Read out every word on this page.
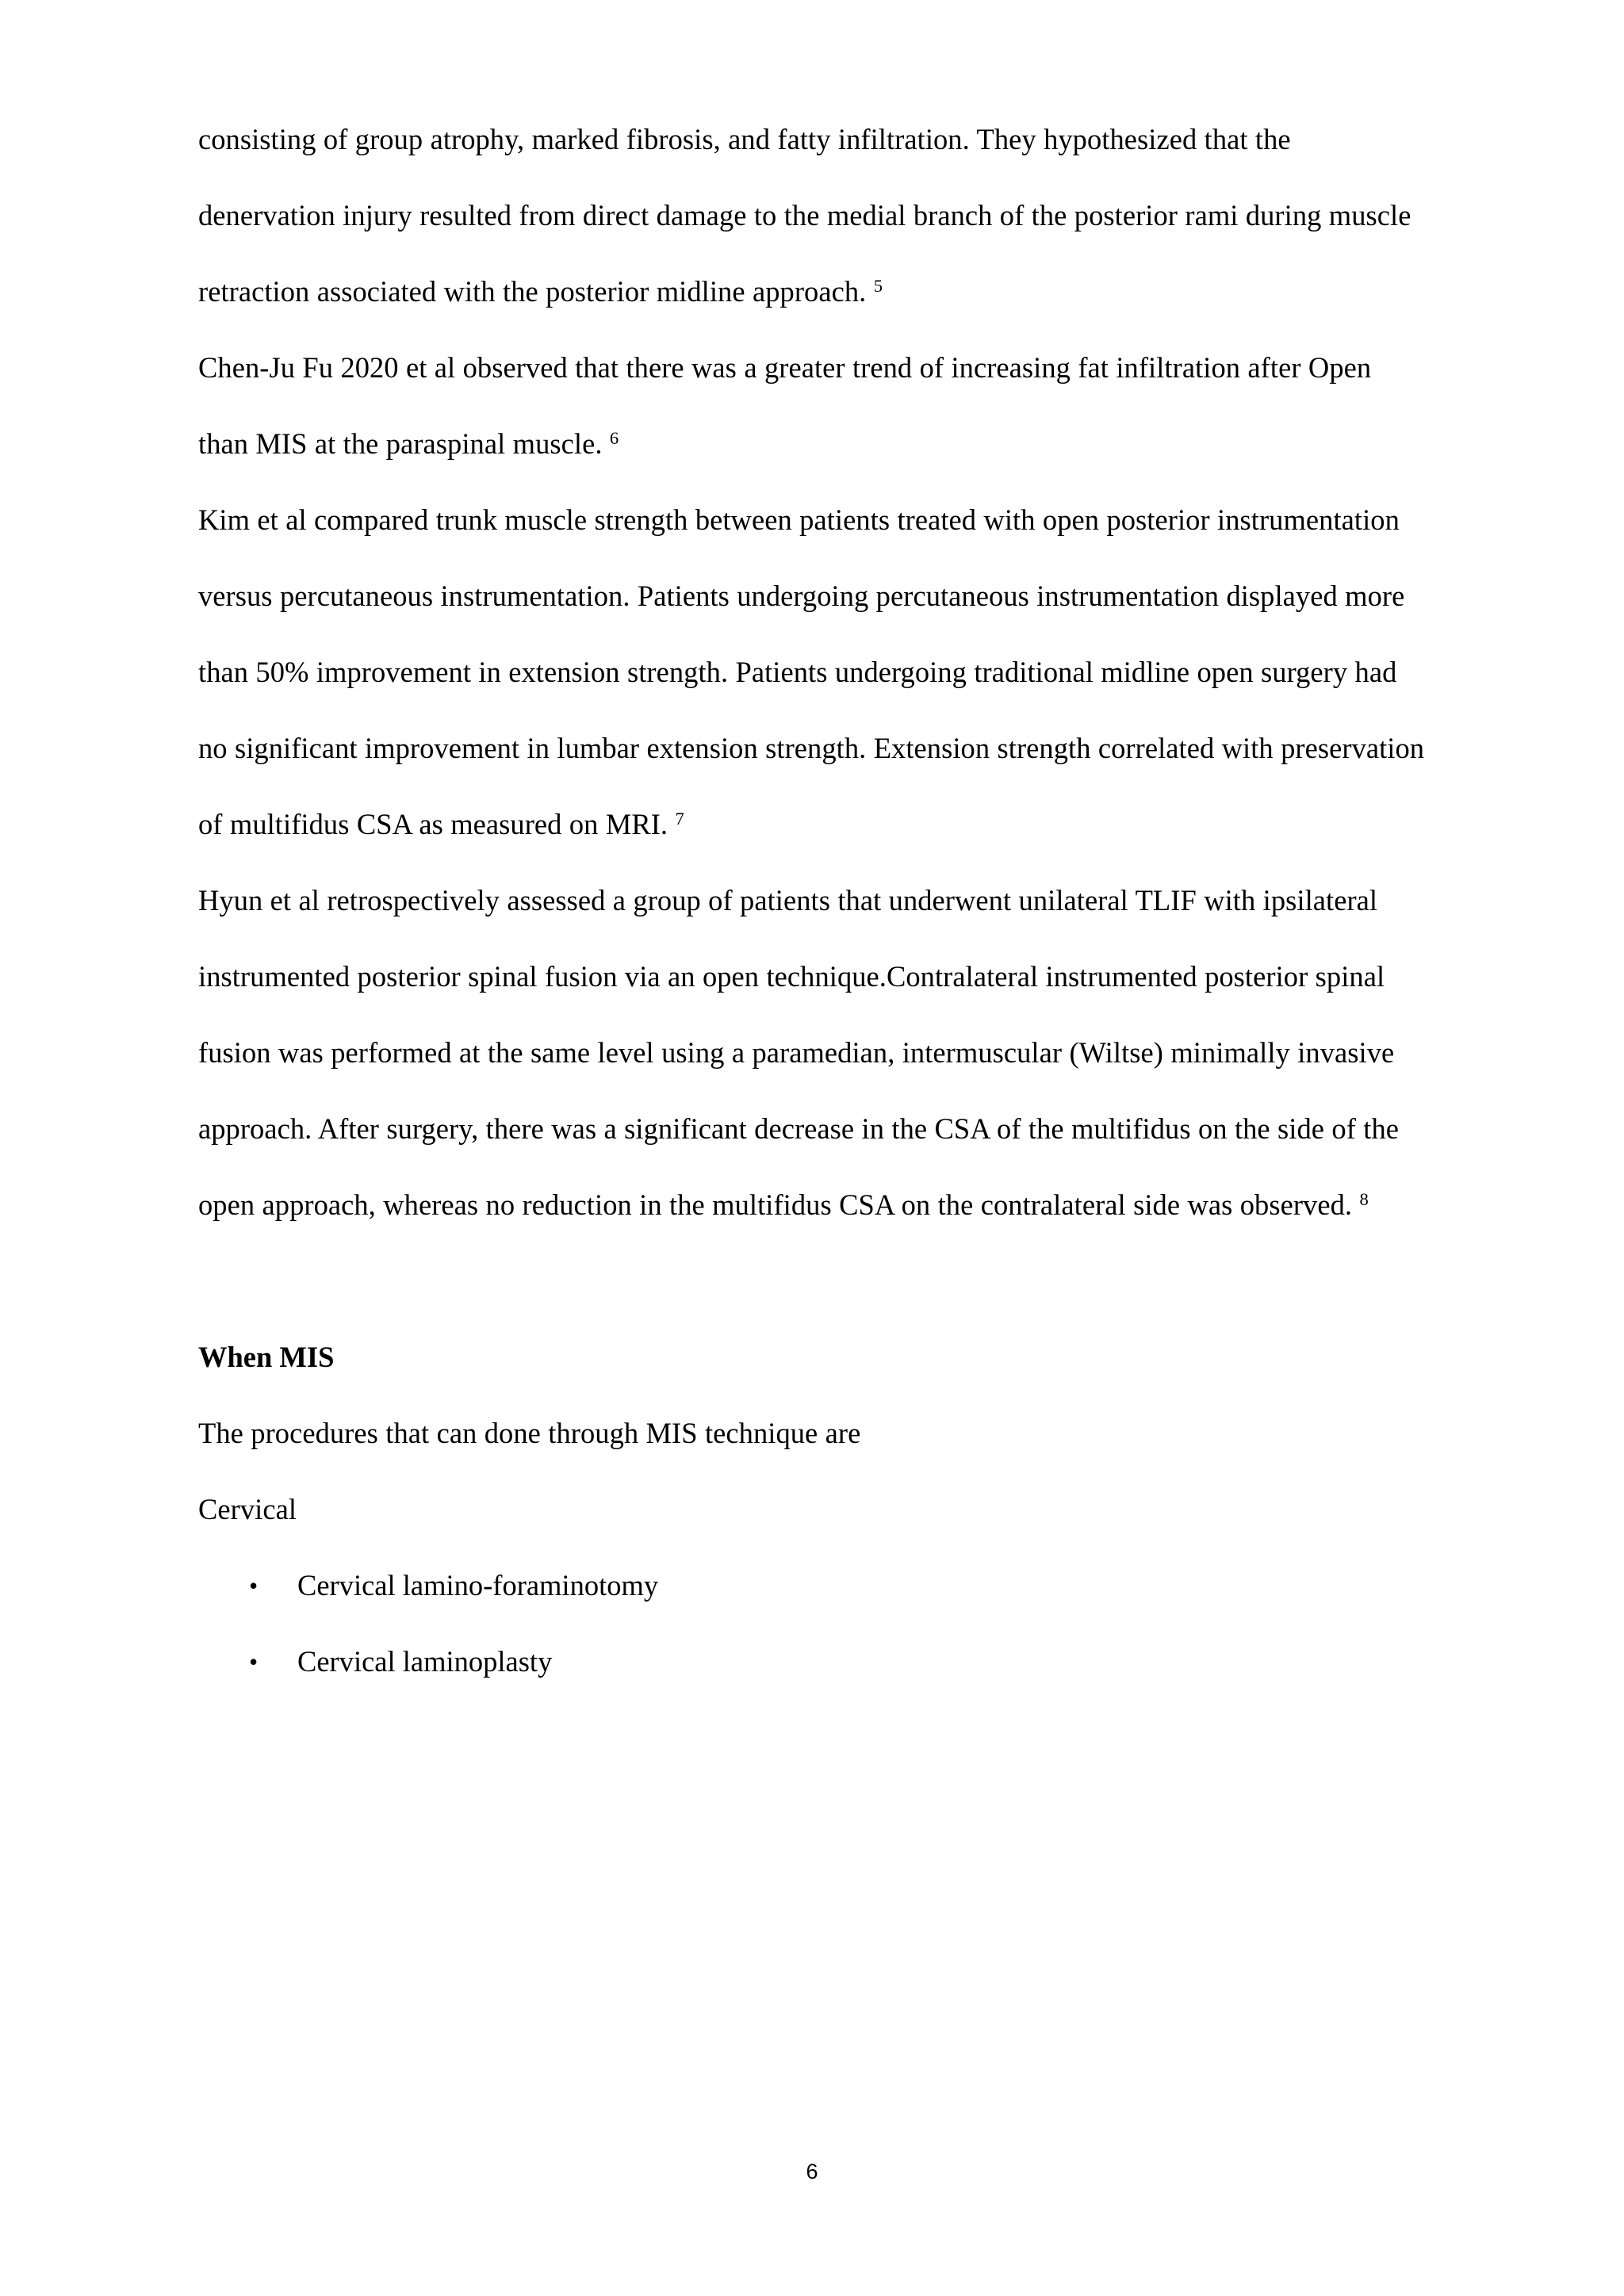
consisting of group atrophy, marked fibrosis, and fatty infiltration. They hypothesized that the denervation injury resulted from direct damage to the medial branch of the posterior rami during muscle retraction associated with the posterior midline approach. $^5$

Chen-Ju Fu 2020 et al observed that there was a greater trend of increasing fat infiltration after Open than MIS at the paraspinal muscle. $^6$

Kim et al compared trunk muscle strength between patients treated with open posterior instrumentation versus percutaneous instrumentation. Patients undergoing percutaneous instrumentation displayed more than 50% improvement in extension strength. Patients undergoing traditional midline open surgery had no significant improvement in lumbar extension strength. Extension strength correlated with preservation of multifidus CSA as measured on MRI. $^7$

Hyun et al retrospectively assessed a group of patients that underwent unilateral TLIF with ipsilateral instrumented posterior spinal fusion via an open technique.Contralateral instrumented posterior spinal fusion was performed at the same level using a paramedian, intermuscular (Wiltse) minimally invasive approach. After surgery, there was a significant decrease in the CSA of the multifidus on the side of the open approach, whereas no reduction in the multifidus CSA on the contralateral side was observed. $^8$

When MIS

The procedures that can done through MIS technique are

Cervical

• Cervical lamino-foraminotomy
• Cervical laminoplasty
6
